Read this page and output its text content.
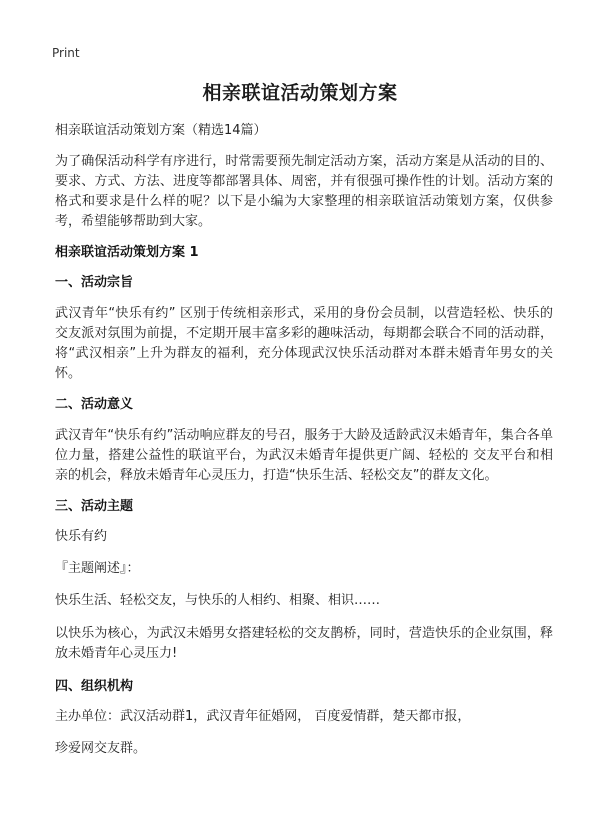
Print
相亲联谊活动策划方案

相亲联谊活动策划方案（精选14篇）

为了确保活动科学有序进行，时常需要预先制定活动方案，活动方案是从活动的目的、要求、方式、方法、进度等都部署具体、周密，并有很强可操作性的计划。活动方案的格式和要求是什么样的呢？以下是小编为大家整理的相亲联谊活动策划方案，仅供参考，希望能够帮助到大家。

相亲联谊活动策划方案 1

一、活动宗旨

武汉青年“快乐有约” 区别于传统相亲形式，采用的身份会员制，以营造轻松、快乐的交友派对氛围为前提，不定期开展丰富多彩的趣味活动，每期都会联合不同的活动群，将“武汉相亲”上升为群友的福利，充分体现武汉快乐活动群对本群未婚青年男女的关怀。

二、活动意义

武汉青年“快乐有约”活动响应群友的号召，服务于大龄及适龄武汉未婚青年，集合各单位力量，搭建公益性的联谊平台，为武汉未婚青年提供更广阔、轻松的 交友平台和相亲的机会，释放未婚青年心灵压力，打造“快乐生活、轻松交友”的群友文化。

三、活动主题

快乐有约

『主题阐述』：

快乐生活、轻松交友，与快乐的人相约、相聚、相识……

以快乐为核心，为武汉未婚男女搭建轻松的交友鹊桥，同时，营造快乐的企业氛围，释放未婚青年心灵压力!

四、组织机构

主办单位：武汉活动群1，武汉青年征婚网， 百度爱情群，楚天都市报，

珍爱网交友群。
